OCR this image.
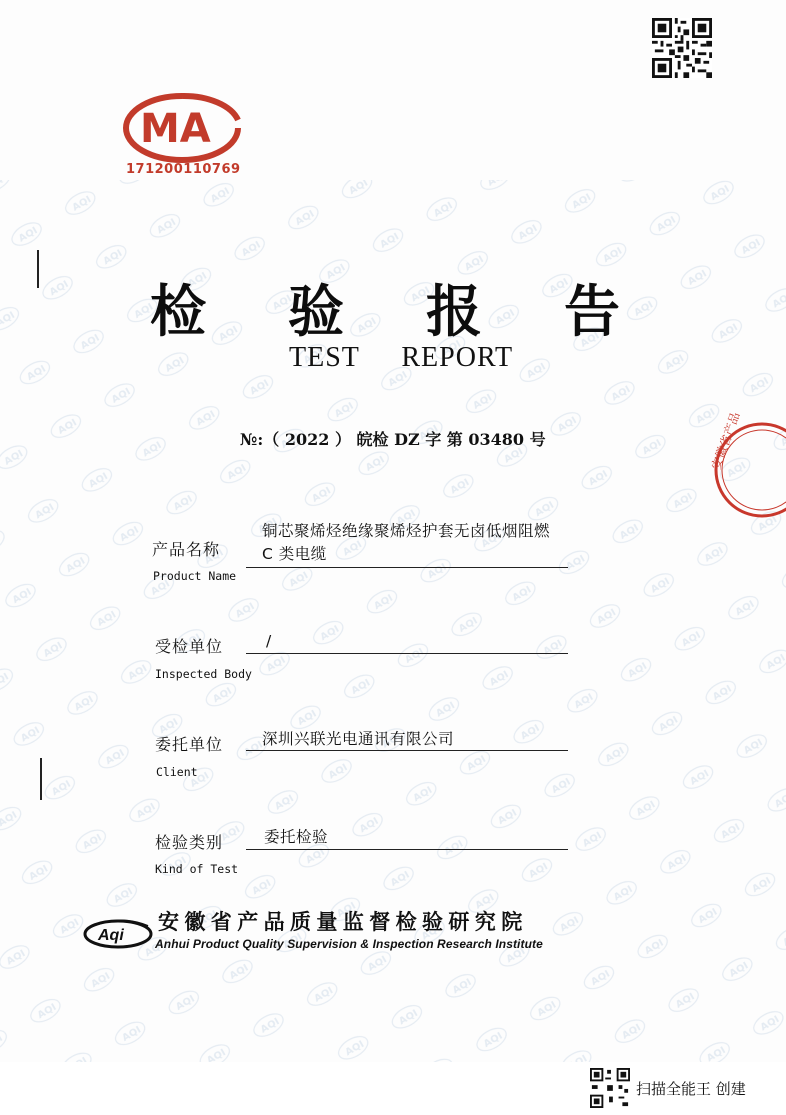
MA
171200110769
检 验 报 告
TEST REPORT
№:（ 2022 ） 皖检 DZ 字 第 03480 号	安徽省产品
产品名称
Product Name
铜芯聚烯烃绝缘聚烯烃护套无卤低烟阻燃
C 类电缆
受检单位
Inspected Body
/
委托单位
Client
深圳兴联光电通讯有限公司
检验类别
Kind of Test
委托检验
Aqi
安徽省产品质量监督检验研究院
Anhui Product Quality Supervision & Inspection Research Institute
扫描全能王 创建
